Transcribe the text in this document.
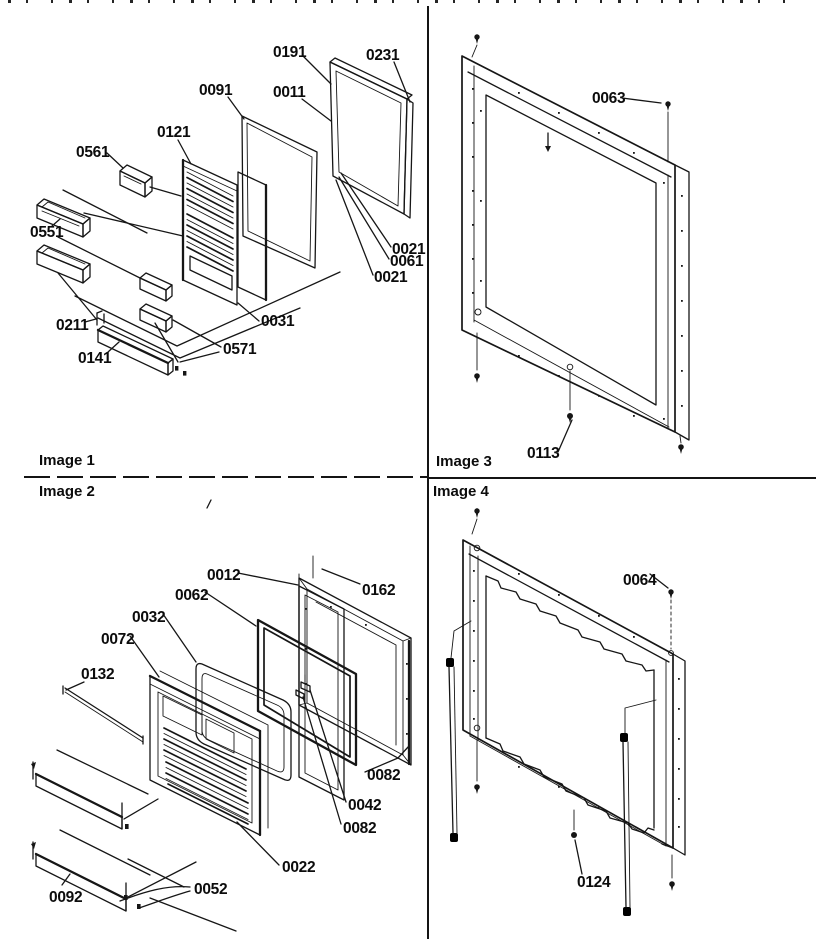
0191	0231
0091	0011
0121
0561
0551
0211
0141
0571
0031
0021
0061
0021
Image 1
0063
0113
Image 3
0012
0162
0062
0032
0072
0132
0082
0042
0082
0022
0092	0052
Image 2
0064
0124
Image 4
